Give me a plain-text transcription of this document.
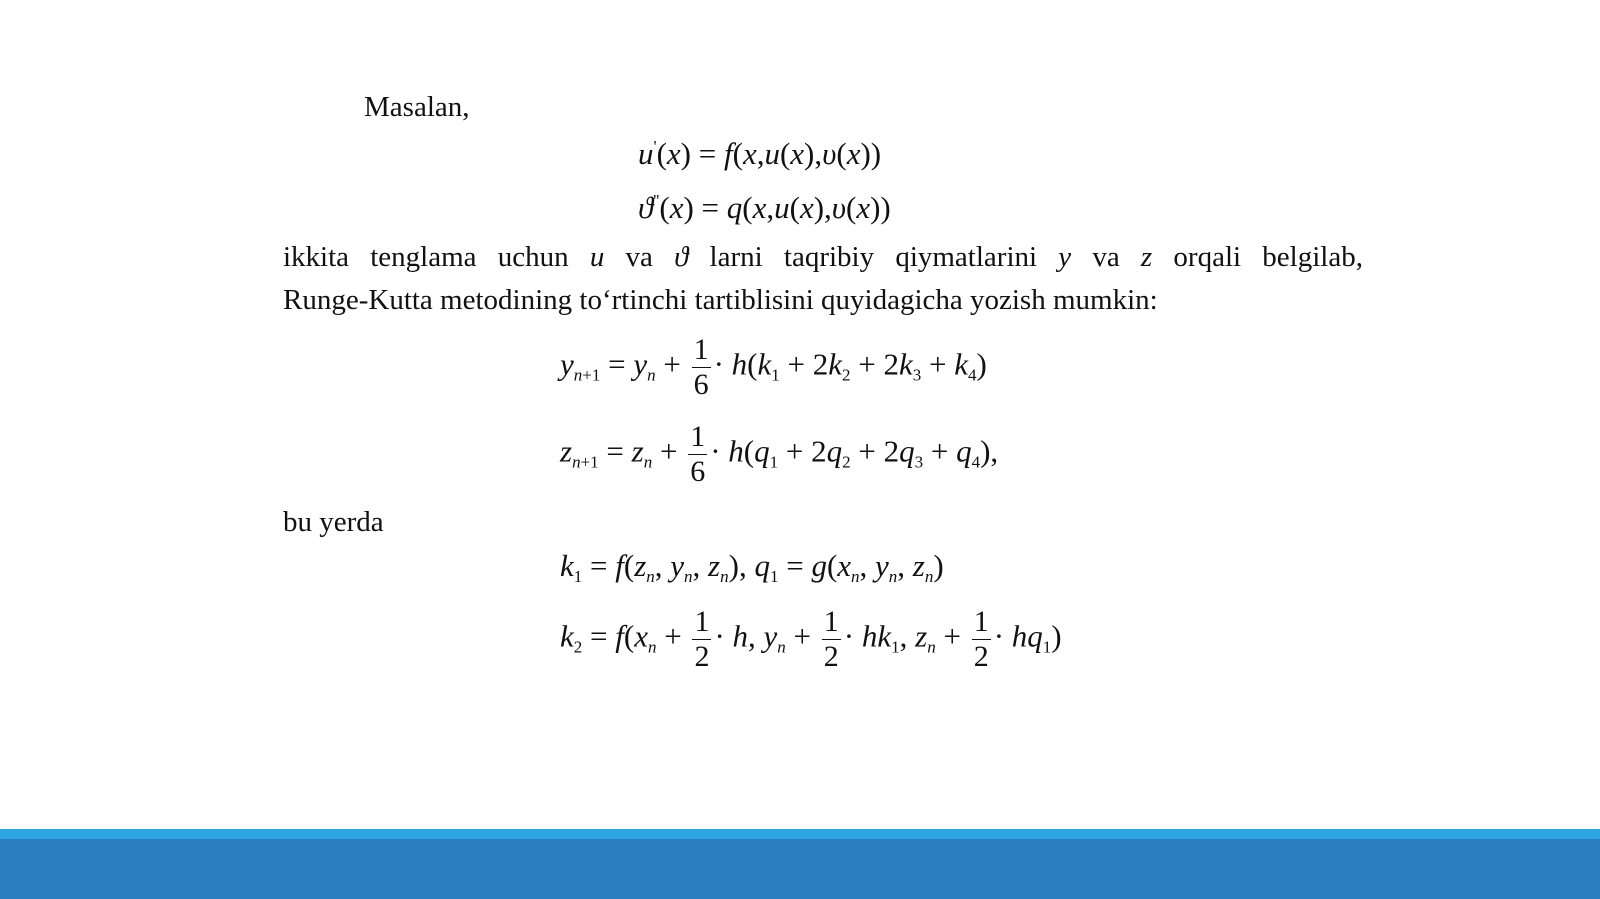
Masalan,
u'(x) = f(x,u(x),υ(x))
ϑ''(x) = q(x,u(x),υ(x))
ikkita tenglama uchun u va ϑ larni taqribiy qiymatlarini y va z orqali belgilab,
Runge-Kutta metodining to‘rtinchi tartiblisini quyidagicha yozish mumkin:
$y_{n+1} = y_n + \frac{1}{6} \cdot h(k_1 + 2k_2 + 2k_3 + k_4)$
$z_{n+1} = z_n + \frac{1}{6} \cdot h(q_1 + 2q_2 + 2q_3 + q_4)$,
bu yerda
$k_1 = f(z_n$, $y_n$, $z_n$), $q_1 = g(x_n$, $y_n$, $z_n$)
$k_2 = f(x_n + \frac{1}{2} \cdot h$, $y_n + \frac{1}{2} \cdot hk_1$, $z_n + \frac{1}{2} \cdot hq_1$)
